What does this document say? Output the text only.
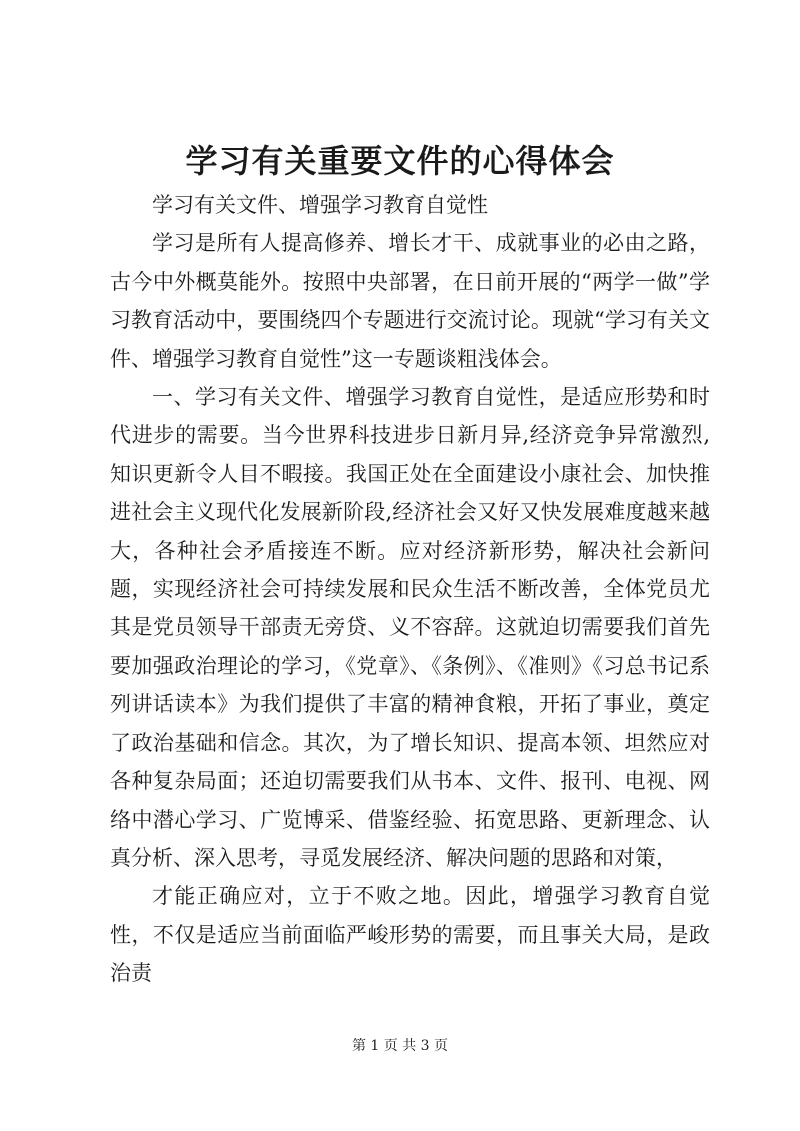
学习有关重要文件的心得体会

学习有关文件、增强学习教育自觉性

学习是所有人提高修养、增长才干、成就事业的必由之路，古今中外概莫能外。按照中央部署，在日前开展的“两学一做”学习教育活动中，要围绕四个专题进行交流讨论。现就“学习有关文件、增强学习教育自觉性”这一专题谈粗浅体会。

一、学习有关文件、增强学习教育自觉性，是适应形势和时代进步的需要。当今世界科技进步日新月异,经济竞争异常激烈,知识更新令人目不暇接。我国正处在全面建设小康社会、加快推进社会主义现代化发展新阶段,经济社会又好又快发展难度越来越大，各种社会矛盾接连不断。应对经济新形势，解决社会新问题，实现经济社会可持续发展和民众生活不断改善，全体党员尤其是党员领导干部责无旁贷、义不容辞。这就迫切需要我们首先要加强政治理论的学习，《党章》、《条例》、《准则》《习总书记系列讲话读本》为我们提供了丰富的精神食粮，开拓了事业，奠定了政治基础和信念。其次，为了增长知识、提高本领、坦然应对各种复杂局面；还迫切需要我们从书本、文件、报刊、电视、网络中潜心学习、广览博采、借鉴经验、拓宽思路、更新理念、认真分析、深入思考，寻觅发展经济、解决问题的思路和对策，

才能正确应对，立于不败之地。因此，增强学习教育自觉性，不仅是适应当前面临严峻形势的需要，而且事关大局，是政治责

第 1 页 共 3 页
